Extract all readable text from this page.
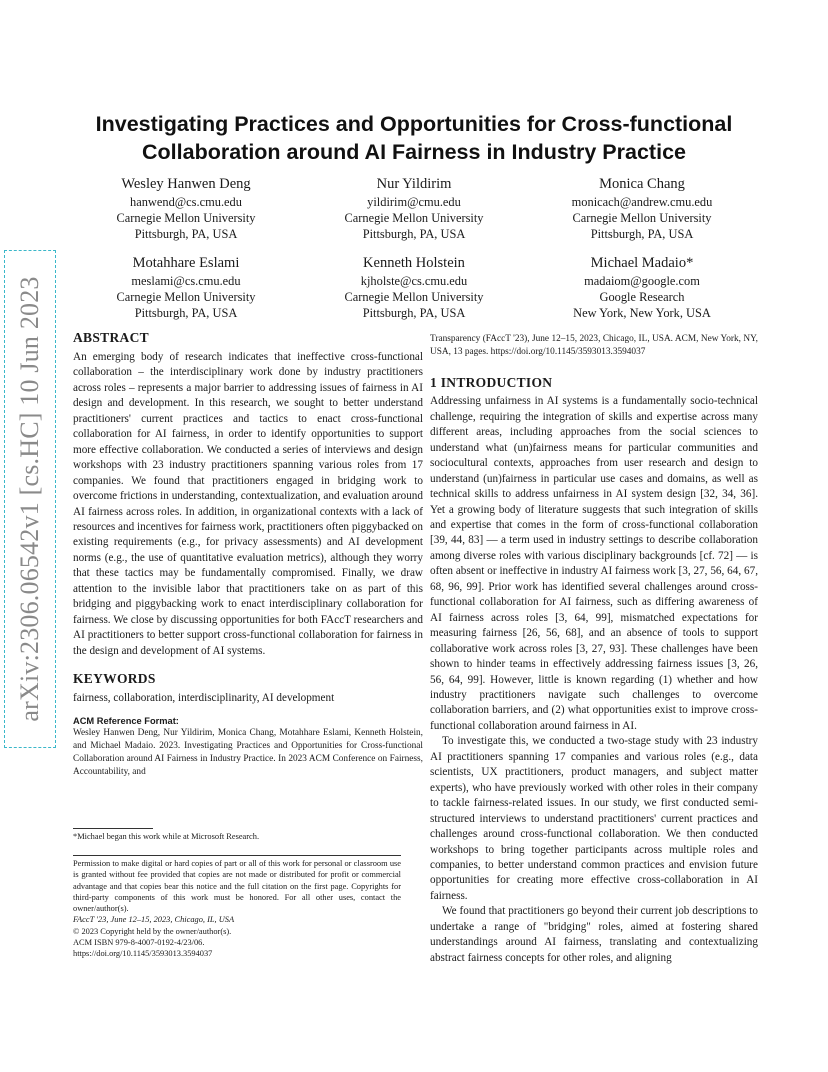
arXiv:2306.06542v1 [cs.HC] 10 Jun 2023
Investigating Practices and Opportunities for Cross-functional Collaboration around AI Fairness in Industry Practice
Wesley Hanwen Deng
hanwend@cs.cmu.edu
Carnegie Mellon University
Pittsburgh, PA, USA
Nur Yildirim
yildirim@cmu.edu
Carnegie Mellon University
Pittsburgh, PA, USA
Monica Chang
monicach@andrew.cmu.edu
Carnegie Mellon University
Pittsburgh, PA, USA
Motahhare Eslami
meslami@cs.cmu.edu
Carnegie Mellon University
Pittsburgh, PA, USA
Kenneth Holstein
kjholste@cs.cmu.edu
Carnegie Mellon University
Pittsburgh, PA, USA
Michael Madaio*
madaiom@google.com
Google Research
New York, New York, USA
ABSTRACT

An emerging body of research indicates that ineffective cross-functional collaboration – the interdisciplinary work done by industry practitioners across roles – represents a major barrier to addressing issues of fairness in AI design and development. In this research, we sought to better understand practitioners' current practices and tactics to enact cross-functional collaboration for AI fairness, in order to identify opportunities to support more effective collaboration. We conducted a series of interviews and design workshops with 23 industry practitioners spanning various roles from 17 companies. We found that practitioners engaged in bridging work to overcome frictions in understanding, contextualization, and evaluation around AI fairness across roles. In addition, in organizational contexts with a lack of resources and incentives for fairness work, practitioners often piggybacked on existing requirements (e.g., for privacy assessments) and AI development norms (e.g., the use of quantitative evaluation metrics), although they worry that these tactics may be fundamentally compromised. Finally, we draw attention to the invisible labor that practitioners take on as part of this bridging and piggybacking work to enact interdisciplinary collaboration for fairness. We close by discussing opportunities for both FAccT researchers and AI practitioners to better support cross-functional collaboration for fairness in the design and development of AI systems.

KEYWORDS

fairness, collaboration, interdisciplinarity, AI development

ACM Reference Format:

Wesley Hanwen Deng, Nur Yildirim, Monica Chang, Motahhare Eslami, Kenneth Holstein, and Michael Madaio. 2023. Investigating Practices and Opportunities for Cross-functional Collaboration around AI Fairness in Industry Practice. In 2023 ACM Conference on Fairness, Accountability, and

*Michael began this work while at Microsoft Research.

Permission to make digital or hard copies of part or all of this work for personal or classroom use is granted without fee provided that copies are not made or distributed for profit or commercial advantage and that copies bear this notice and the full citation on the first page. Copyrights for third-party components of this work must be honored. For all other uses, contact the owner/author(s).

FAccT '23, June 12–15, 2023, Chicago, IL, USA

© 2023 Copyright held by the owner/author(s).

ACM ISBN 979-8-4007-0192-4/23/06.

https://doi.org/10.1145/3593013.3594037

Transparency (FAccT '23), June 12–15, 2023, Chicago, IL, USA. ACM, New York, NY, USA, 13 pages. https://doi.org/10.1145/3593013.3594037

1 INTRODUCTION

Addressing unfairness in AI systems is a fundamentally socio-technical challenge, requiring the integration of skills and expertise across many different areas, including approaches from the social sciences to understand what (un)fairness means for particular communities and sociocultural contexts, approaches from user research and design to understand (un)fairness in particular use cases and domains, as well as technical skills to address unfairness in AI system design [32, 34, 36]. Yet a growing body of literature suggests that such integration of skills and expertise that comes in the form of cross-functional collaboration [39, 44, 83] — a term used in industry settings to describe collaboration among diverse roles with various disciplinary backgrounds [cf. 72] — is often absent or ineffective in industry AI fairness work [3, 27, 56, 64, 67, 68, 96, 99]. Prior work has identified several challenges around cross-functional collaboration for AI fairness, such as differing awareness of AI fairness across roles [3, 64, 99], mismatched expectations for measuring fairness [26, 56, 68], and an absence of tools to support collaborative work across roles [3, 27, 93]. These challenges have been shown to hinder teams in effectively addressing fairness issues [3, 26, 56, 64, 99]. However, little is known regarding (1) whether and how industry practitioners navigate such challenges to overcome collaboration barriers, and (2) what opportunities exist to improve cross-functional collaboration around fairness in AI.

To investigate this, we conducted a two-stage study with 23 industry AI practitioners spanning 17 companies and various roles (e.g., data scientists, UX practitioners, product managers, and subject matter experts), who have previously worked with other roles in their company to tackle fairness-related issues. In our study, we first conducted semi-structured interviews to understand practitioners' current practices and challenges around cross-functional collaboration. We then conducted workshops to bring together participants across multiple roles and companies, to better understand common practices and envision future opportunities for creating more effective cross-collaboration in AI fairness.

We found that practitioners go beyond their current job descriptions to undertake a range of "bridging" roles, aimed at fostering shared understandings around AI fairness, translating and contextualizing abstract fairness concepts for other roles, and aligning
